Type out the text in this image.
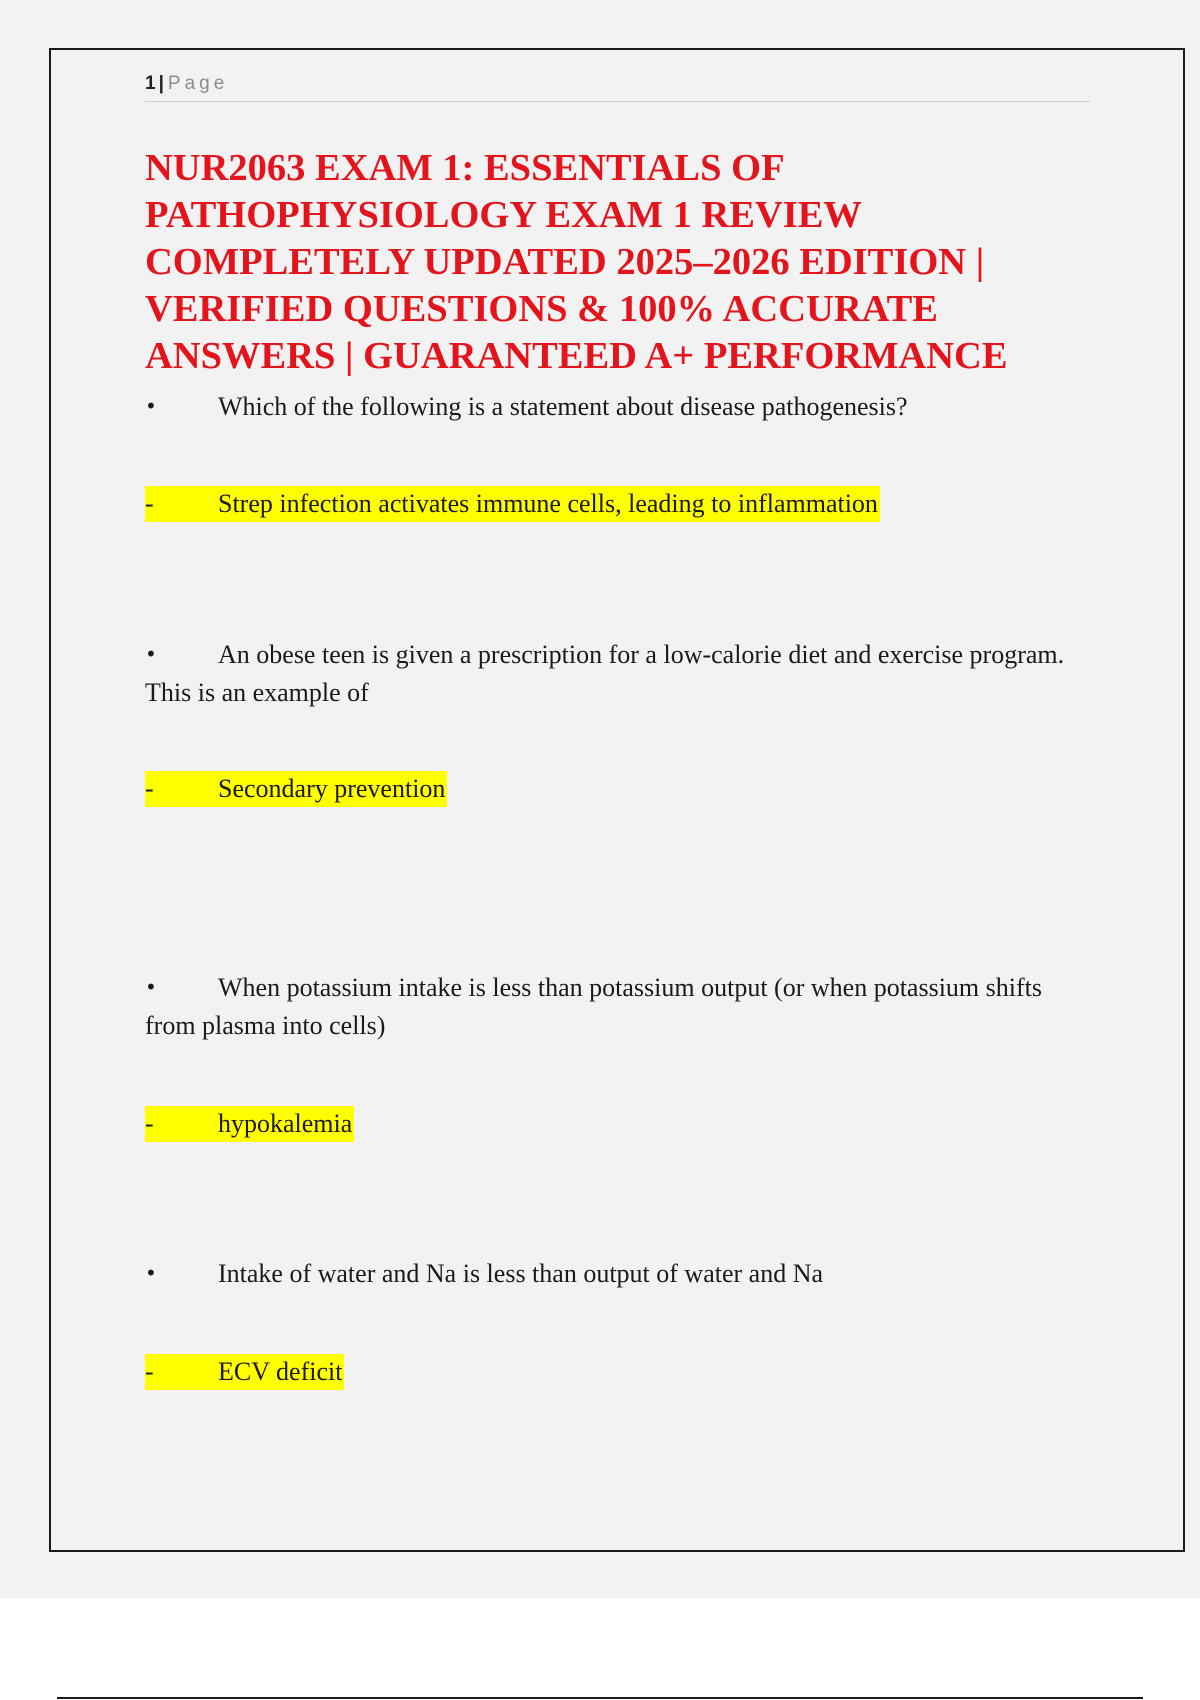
1 | Page
NUR2063 EXAM 1: ESSENTIALS OF
PATHOPHYSIOLOGY EXAM 1 REVIEW
COMPLETELY UPDATED 2025–2026 EDITION |
VERIFIED QUESTIONS & 100% ACCURATE
ANSWERS | GUARANTEED A+ PERFORMANCE
• Which of the following is a statement about disease pathogenesis?
- Strep infection activates immune cells, leading to inflammation
• An obese teen is given a prescription for a low-calorie diet and exercise program. This is an example of
- Secondary prevention
• When potassium intake is less than potassium output (or when potassium shifts from plasma into cells)
- hypokalemia
• Intake of water and Na is less than output of water and Na
- ECV deficit
